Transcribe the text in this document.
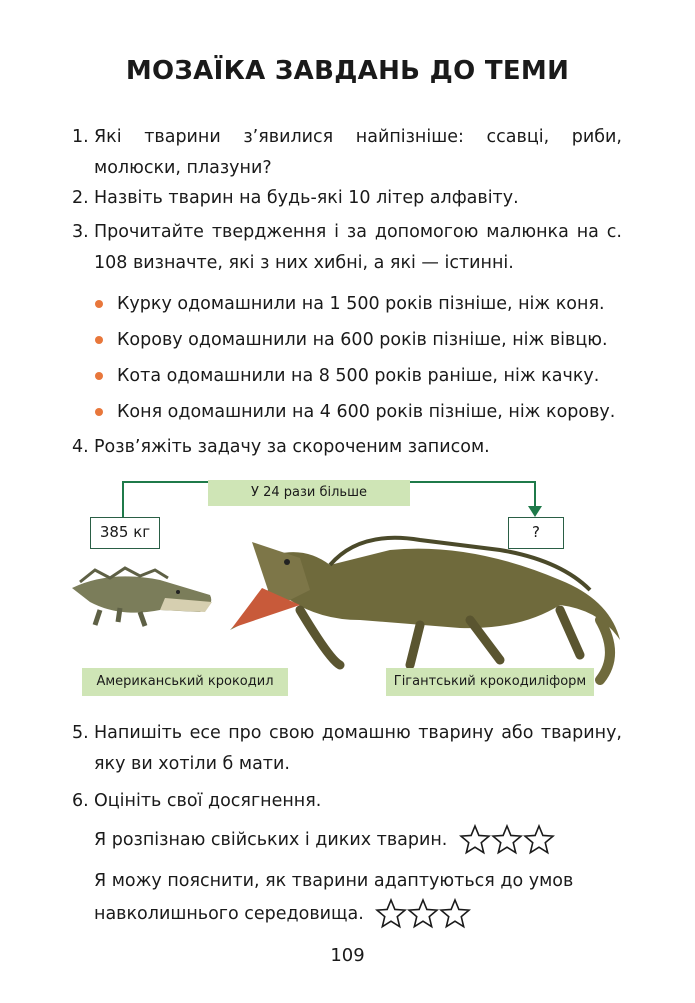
МОЗАЇКА ЗАВДАНЬ ДО ТЕМИ
1. Які тварини з’явилися найпізніше: ссавці, риби, молюски, плазуни?
2. Назвіть тварин на будь-які 10 літер алфавіту.
3. Прочитайте твердження і за допомогою малюнка на с. 108 визначте, які з них хибні, а які — істинні.
Курку одомашнили на 1 500 років пізніше, ніж коня.
Корову одомашнили на 600 років пізніше, ніж вівцю.
Кота одомашнили на 8 500 років раніше, ніж качку.
Коня одомашнили на 4 600 років пізніше, ніж корову.
4. Розв’яжіть задачу за скороченим записом.
385 кг	?
У 24 рази більше
Американський крокодил	Гігантський крокодиліформ
5. Напишіть есе про свою домашню тварину або тварину, яку ви хотіли б мати.
6. Оцініть свої досягнення.
Я розпізнаю свійських і диких тварин.
Я можу пояснити, як тварини адаптуються до умов
навколишнього середовища.
109
